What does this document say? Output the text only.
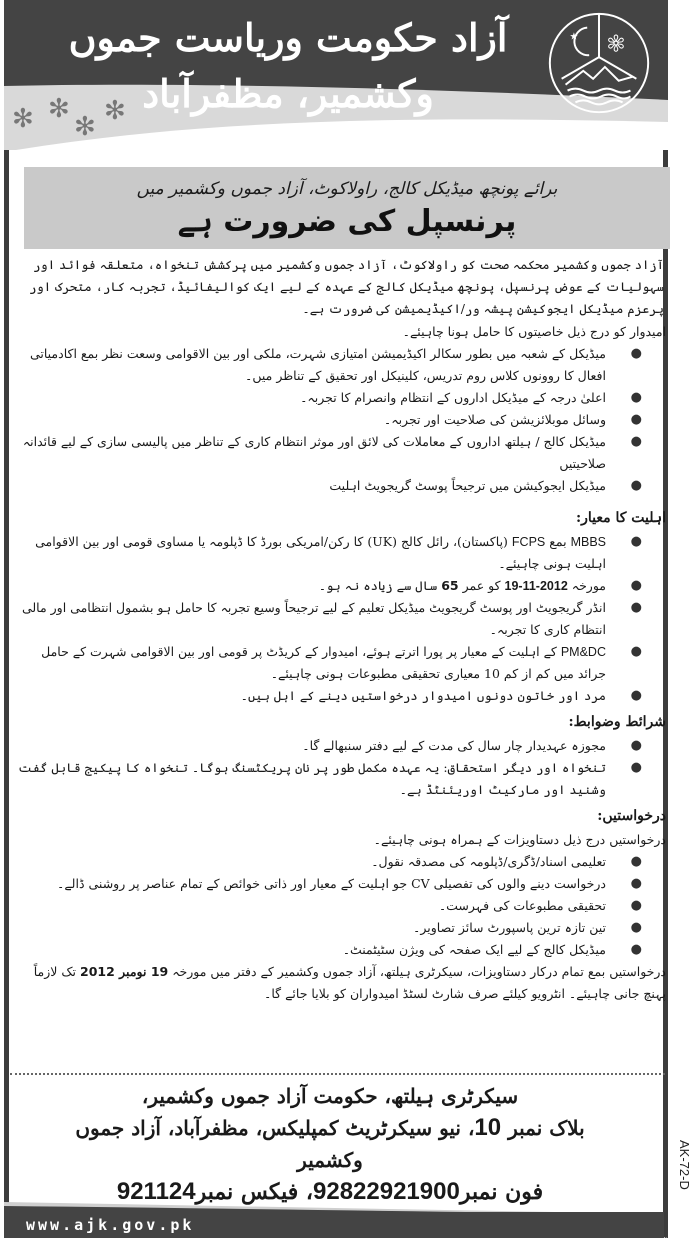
✻ ✻
✻
✻
آزاد حکومت وریاست جموں وکشمیر، مظفرآباد
★ ✻
برائے پونچھ میڈیکل کالج، راولاکوٹ، آزاد جموں وکشمیر میں
پرنسپل کی ضرورت ہے

آزاد جموں وکشمیر محکمہ صحت کو راولاکوٹ، آزاد جموں وکشمیر میں پرکشش تنخواہ، متعلقہ فوائد اور سہولیات کے عوض پرنسپل، پونچھ میڈیکل کالج کے عہدہ کے لیے ایک کوالیفائیڈ، تجربہ کار، متحرک اور پرعزم میڈیکل ایجوکیشن پیشہ ور/اکیڈیمیشن کی ضرورت ہے۔

امیدوار کو درج ذیل خاصیتوں کا حامل ہونا چاہیئے۔

●
میڈیکل کے شعبہ میں بطور سکالر اکیڈیمیشن امتیازی شہرت، ملکی اور بین الاقوامی وسعت نظر بمع اکادمیاتی افعال کا روونوں کلاس روم تدریس، کلینیکل اور تحقیق کے تناظر میں۔
●
اعلیٰ درجہ کے میڈیکل اداروں کے انتظام وانصرام کا تجربہ۔
●
وسائل موبلائزیشن کی صلاحیت اور تجربہ۔
●
میڈیکل کالج / ہیلتھ اداروں کے معاملات کی لائق اور موثر انتظام کاری کے تناظر میں پالیسی سازی کے لیے قائدانہ صلاحیتیں
●
میڈیکل ایجوکیشن میں ترجیحاً پوسٹ گریجویٹ اہلیت
اہلیت کا معیار:
●
MBBS بمع FCPS (پاکستان)، رائل کالج (UK) کا رکن/امریکی بورڈ کا ڈپلومہ یا مساوی قومی اور بین الاقوامی اہلیت ہونی چاہیئے۔
●
مورخہ 19-11-2012 کو عمر 65 سال سے زیادہ نہ ہو۔
●
انڈر گریجویٹ اور پوسٹ گریجویٹ میڈیکل تعلیم کے لیے ترجیحاً وسیع تجربہ کا حامل ہو بشمول انتظامی اور مالی انتظام کاری کا تجربہ۔
●
PM&DC کے اہلیت کے معیار پر پورا اترتے ہوئے، امیدوار کے کریڈٹ پر قومی اور بین الاقوامی شہرت کے حامل جرائد میں کم از کم 10 معیاری تحقیقی مطبوعات ہونی چاہیئے۔
●
مرد اور خاتون دونوں امیدوار درخواستیں دینے کے اہل ہیں۔
شرائط وضوابط:
●
مجوزہ عہدیدار چار سال کی مدت کے لیے دفتر سنبھالے گا۔
●
تنخواہ اور دیگر استحقاق: یہ عہدہ مکمل طور پر نان پریکٹسنگ ہوگا۔ تنخواہ کا پیکیج قابل گفت وشنید اور مارکیٹ اوریئنٹڈ ہے۔
درخواستیں:

درخواستیں درج ذیل دستاویزات کے ہمراہ ہونی چاہیئے۔

●
تعلیمی اسناد/ڈگری/ڈپلومہ کی مصدقہ نقول۔
●
درخواست دینے والوں کی تفصیلی CV جو اہلیت کے معیار اور ذاتی خوائص کے تمام عناصر پر روشنی ڈالے۔
●
تحقیقی مطبوعات کی فہرست۔
●
تین تازہ ترین پاسپورٹ سائز تصاویر۔
●
میڈیکل کالج کے لیے ایک صفحہ کی ویژن سٹیٹمنٹ۔

درخواستیں بمع تمام درکار دستاویزات، سیکرٹری ہیلتھ، آزاد جموں وکشمیر کے دفتر میں مورخہ 19 نومبر 2012 تک لازماً پہنچ جانی چاہیئے۔ انٹرویو کیلئے صرف شارٹ لسٹڈ امیدواران کو بلایا جائے گا۔

سیکرٹری ہیلتھ، حکومت آزاد جموں وکشمیر،
بلاک نمبر 10، نیو سیکرٹریٹ کمپلیکس، مظفرآباد، آزاد جموں وکشمیر
فون نمبر92822921900، فیکس نمبر921124
www.ajk.gov.pk
AK-72-D
